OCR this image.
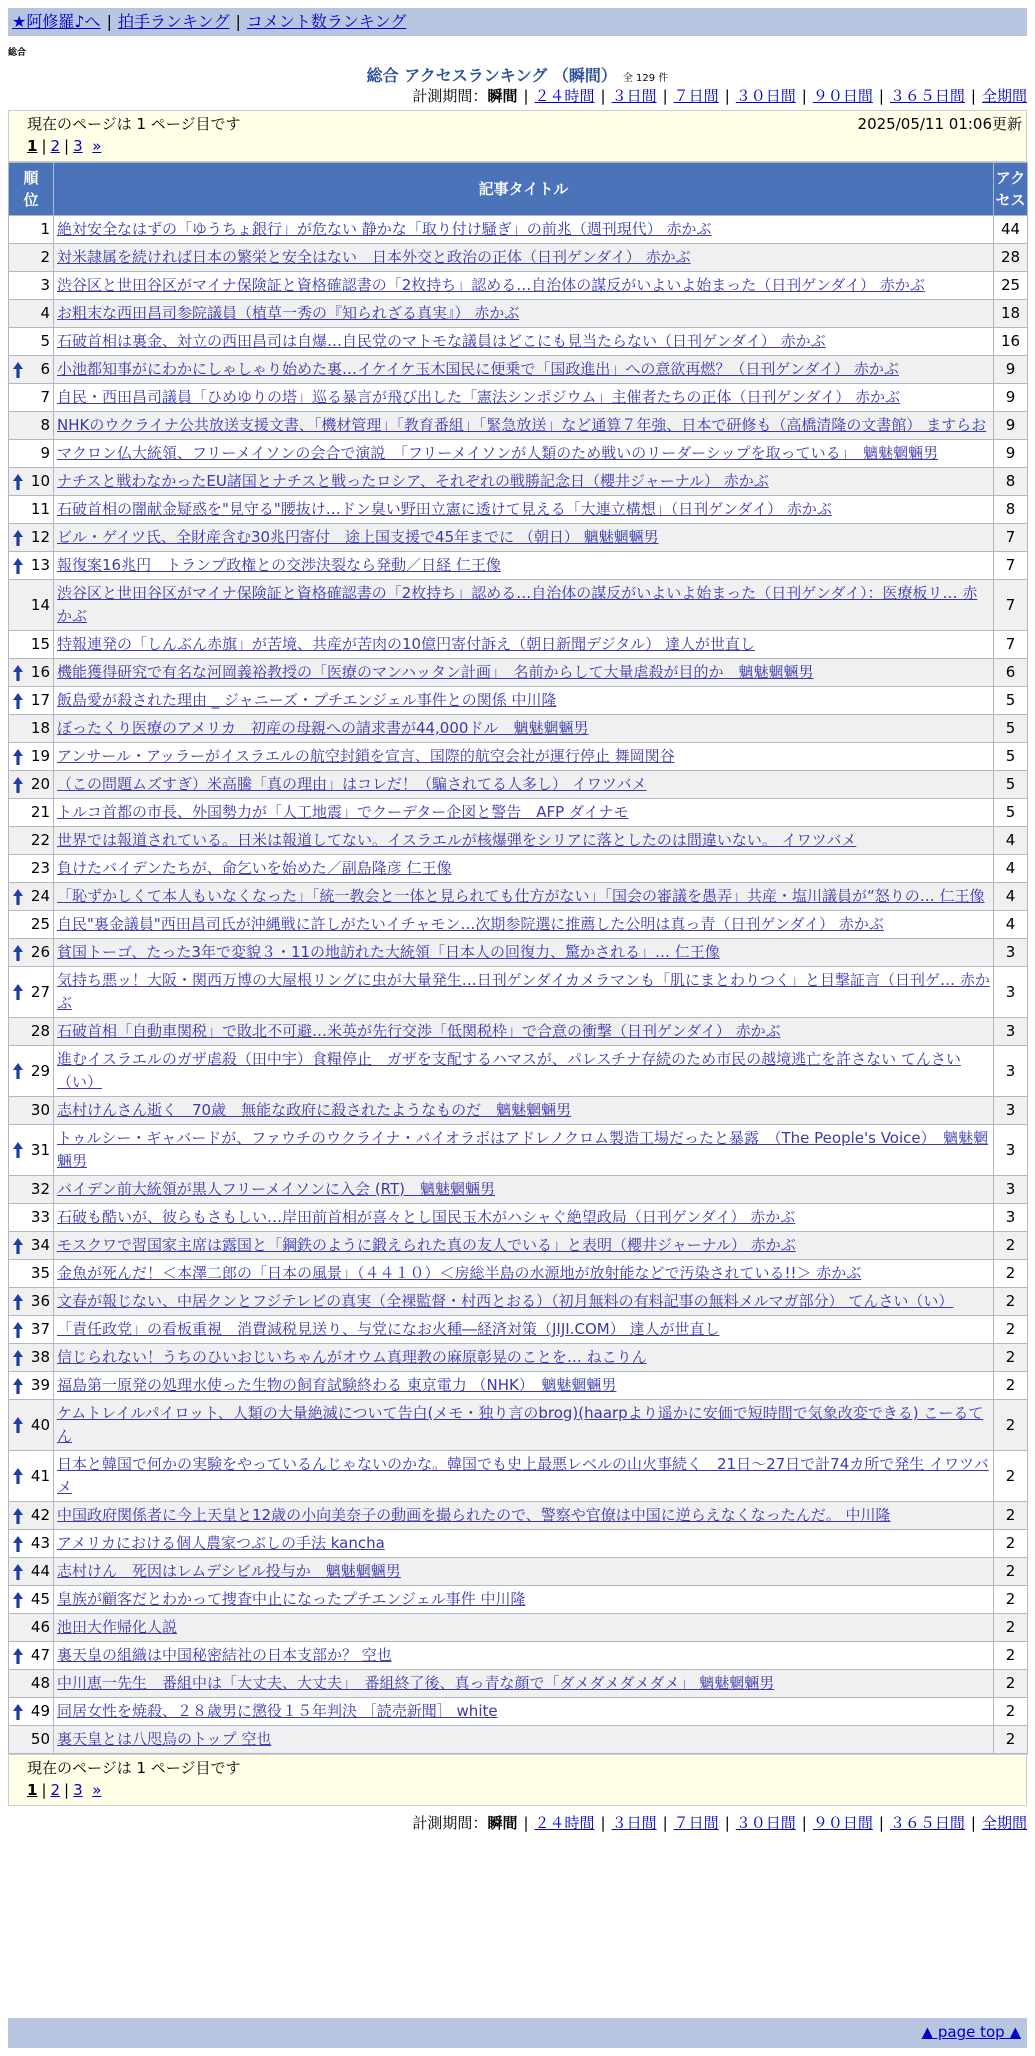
★阿修羅♪へ | 拍手ランキング | コメント数ランキング
総合
総合 アクセスランキング （瞬間） 全 129 件
計測期間：瞬間 | ２４時間 | ３日間 | ７日間 | ３０日間 | ９０日間 | ３６５日間 | 全期間
現在のページは 1 ページ目です	2025/05/11 01:06更新
1 | 2 | 3 »
順
位	記事タイトル	アク
セス
1	絶対安全なはずの「ゆうちょ銀行」が危ない 静かな「取り付け騒ぎ」の前兆（週刊現代） 赤かぶ	44
2	対米隷属を続ければ日本の繁栄と安全はない　日本外交と政治の正体（日刊ゲンダイ） 赤かぶ	28
3	渋谷区と世田谷区がマイナ保険証と資格確認書の「2枚持ち」認める…自治体の謀反がいよいよ始まった（日刊ゲンダイ） 赤かぶ	25
4	お粗末な西田昌司参院議員（植草一秀の『知られざる真実』） 赤かぶ	18
5	石破首相は裏金、対立の西田昌司は自爆…自民党のマトモな議員はどこにも見当たらない（日刊ゲンダイ） 赤かぶ	16

6	小池都知事がにわかにしゃしゃり始めた裏…イケイケ玉木国民に便乗で「国政進出」への意欲再燃？（日刊ゲンダイ） 赤かぶ	9
7	自民・西田昌司議員「ひめゆりの塔」巡る暴言が飛び出した「憲法シンポジウム」主催者たちの正体（日刊ゲンダイ） 赤かぶ	9
8	NHKのウクライナ公共放送支援文書、「機材管理」「教育番組」「緊急放送」など通算７年強、日本で研修も（高橋清隆の文書館） ますらお	9
9	マクロン仏大統領、フリーメイソンの会合で演説　「フリーメイソンが人類のため戦いのリーダーシップを取っている」　魑魅魍魎男	9

10	ナチスと戦わなかったEU諸国とナチスと戦ったロシア、それぞれの戦勝記念日（櫻井ジャーナル） 赤かぶ	8
11	石破首相の闇献金疑惑を"見守る"腰抜け…ドン臭い野田立憲に透けて見える「大連立構想」（日刊ゲンダイ） 赤かぶ	8

12	ビル・ゲイツ氏、全財産含む30兆円寄付　途上国支援で45年までに （朝日） 魑魅魍魎男	7

13	報復案16兆円　トランプ政権との交渉決裂なら発動／日経 仁王像	7
14	渋谷区と世田谷区がマイナ保険証と資格確認書の「2枚持ち」認める…自治体の謀反がいよいよ始まった（日刊ゲンダイ）：医療板リ… 赤かぶ	7
15	特報連発の「しんぶん赤旗」が苦境、共産が苦肉の10億円寄付訴え（朝日新聞デジタル） 達人が世直し	7

16	機能獲得研究で有名な河岡義裕教授の「医療のマンハッタン計画」　名前からして大量虐殺が目的か　魑魅魍魎男	6

17	飯島愛が殺された理由 _ ジャニーズ・プチエンジェル事件との関係 中川隆	5
18	ぼったくり医療のアメリカ　初産の母親への請求書が44,000ドル　魑魅魍魎男	5

19	アンサール・アッラーがイスラエルの航空封鎖を宣言、国際的航空会社が運行停止 舞岡関谷	5

20	（この問題ムズすぎ）米高騰「真の理由」はコレだ！（騙されてる人多し） イワツバメ	5
21	トルコ首都の市長、外国勢力が「人工地震」でクーデター企図と警告　AFP ダイナモ	5
22	世界では報道されている。日米は報道してない。イスラエルが核爆弾をシリアに落としたのは間違いない。 イワツバメ	4
23	負けたバイデンたちが、命乞いを始めた／副島隆彦 仁王像	4

24	「恥ずかしくて本人もいなくなった」「統一教会と一体と見られても仕方がない」「国会の審議を愚弄」共産・塩川議員が“怒りの… 仁王像	4
25	自民"裏金議員"西田昌司氏が沖縄戦に許しがたいイチャモン…次期参院選に推薦した公明は真っ青（日刊ゲンダイ） 赤かぶ	4

26	貧国トーゴ、たった3年で変貌３・11の地訪れた大統領「日本人の回復力、驚かされる」… 仁王像	3

27	気持ち悪ッ！大阪・関西万博の大屋根リングに虫が大量発生…日刊ゲンダイカメラマンも「肌にまとわりつく」と目撃証言（日刊ゲ… 赤かぶ	3
28	石破首相「自動車関税」で敗北不可避…米英が先行交渉「低関税枠」で合意の衝撃（日刊ゲンダイ） 赤かぶ	3

29	進むイスラエルのガザ虐殺（田中宇）食糧停止　ガザを支配するハマスが、パレスチナ存続のため市民の越境逃亡を許さない てんさい（い）	3
30	志村けんさん逝く　70歳　無能な政府に殺されたようなものだ　魑魅魍魎男	3

31	トゥルシー・ギャバードが、ファウチのウクライナ・バイオラボはアドレノクロム製造工場だったと暴露　（The People's Voice）　魑魅魍魎男	3
32	バイデン前大統領が黒人フリーメイソンに入会 (RT)　魑魅魍魎男	3
33	石破も酷いが、彼らもさもしい…岸田前首相が喜々とし国民玉木がハシャぐ絶望政局（日刊ゲンダイ） 赤かぶ	3

34	モスクワで習国家主席は露国と「鋼鉄のように鍛えられた真の友人でいる」と表明（櫻井ジャーナル） 赤かぶ	2
35	金魚が死んだ！＜本澤二郎の「日本の風景」（４４１０）＜房総半島の水源地が放射能などで汚染されている!!＞ 赤かぶ	2

36	文春が報じない、中居クンとフジテレビの真実（全裸監督・村西とおる）（初月無料の有料記事の無料メルマガ部分） てんさい（い）	2

37	「責任政党」の看板重視　消費減税見送り、与党になお火種―経済対策（JIJI.COM） 達人が世直し	2

38	信じられない！うちのひいおじいちゃんがオウム真理教の麻原彰晃のことを… ねこりん	2

39	福島第一原発の処理水使った生物の飼育試験終わる 東京電力 （NHK）　魑魅魍魎男	2

40	ケムトレイルパイロット、人類の大量絶滅について告白(メモ・独り言のbrog)(haarpより遥かに安価で短時間で気象改変できる) こーるてん	2

41	日本と韓国で何かの実験をやっているんじゃないのかな。韓国でも史上最悪レベルの山火事続く　21日～27日で計74カ所で発生 イワツバメ	2

42	中国政府関係者に今上天皇と12歳の小向美奈子の動画を撮られたので、警察や官僚は中国に逆らえなくなったんだ。 中川隆	2

43	アメリカにおける個人農家つぶしの手法 kancha	2

44	志村けん　死因はレムデシビル投与か　魑魅魍魎男	2

45	皇族が顧客だとわかって捜査中止になったプチエンジェル事件 中川隆	2
46	池田大作帰化人説	2

47	裏天皇の組織は中国秘密結社の日本支部か？ 空也	2
48	中川恵一先生　番組中は「大丈夫、大丈夫」　番組終了後、真っ青な顔で「ダメダメダメダメ」 魑魅魍魎男	2

49	同居女性を焼殺、２８歳男に懲役１５年判決 ［読売新聞］ white	2
50	裏天皇とは八咫烏のトップ 空也	2
現在のページは 1 ページ目です
1 | 2 | 3 »
計測期間：瞬間 | ２４時間 | ３日間 | ７日間 | ３０日間 | ９０日間 | ３６５日間 | 全期間
▲ page top ▲
